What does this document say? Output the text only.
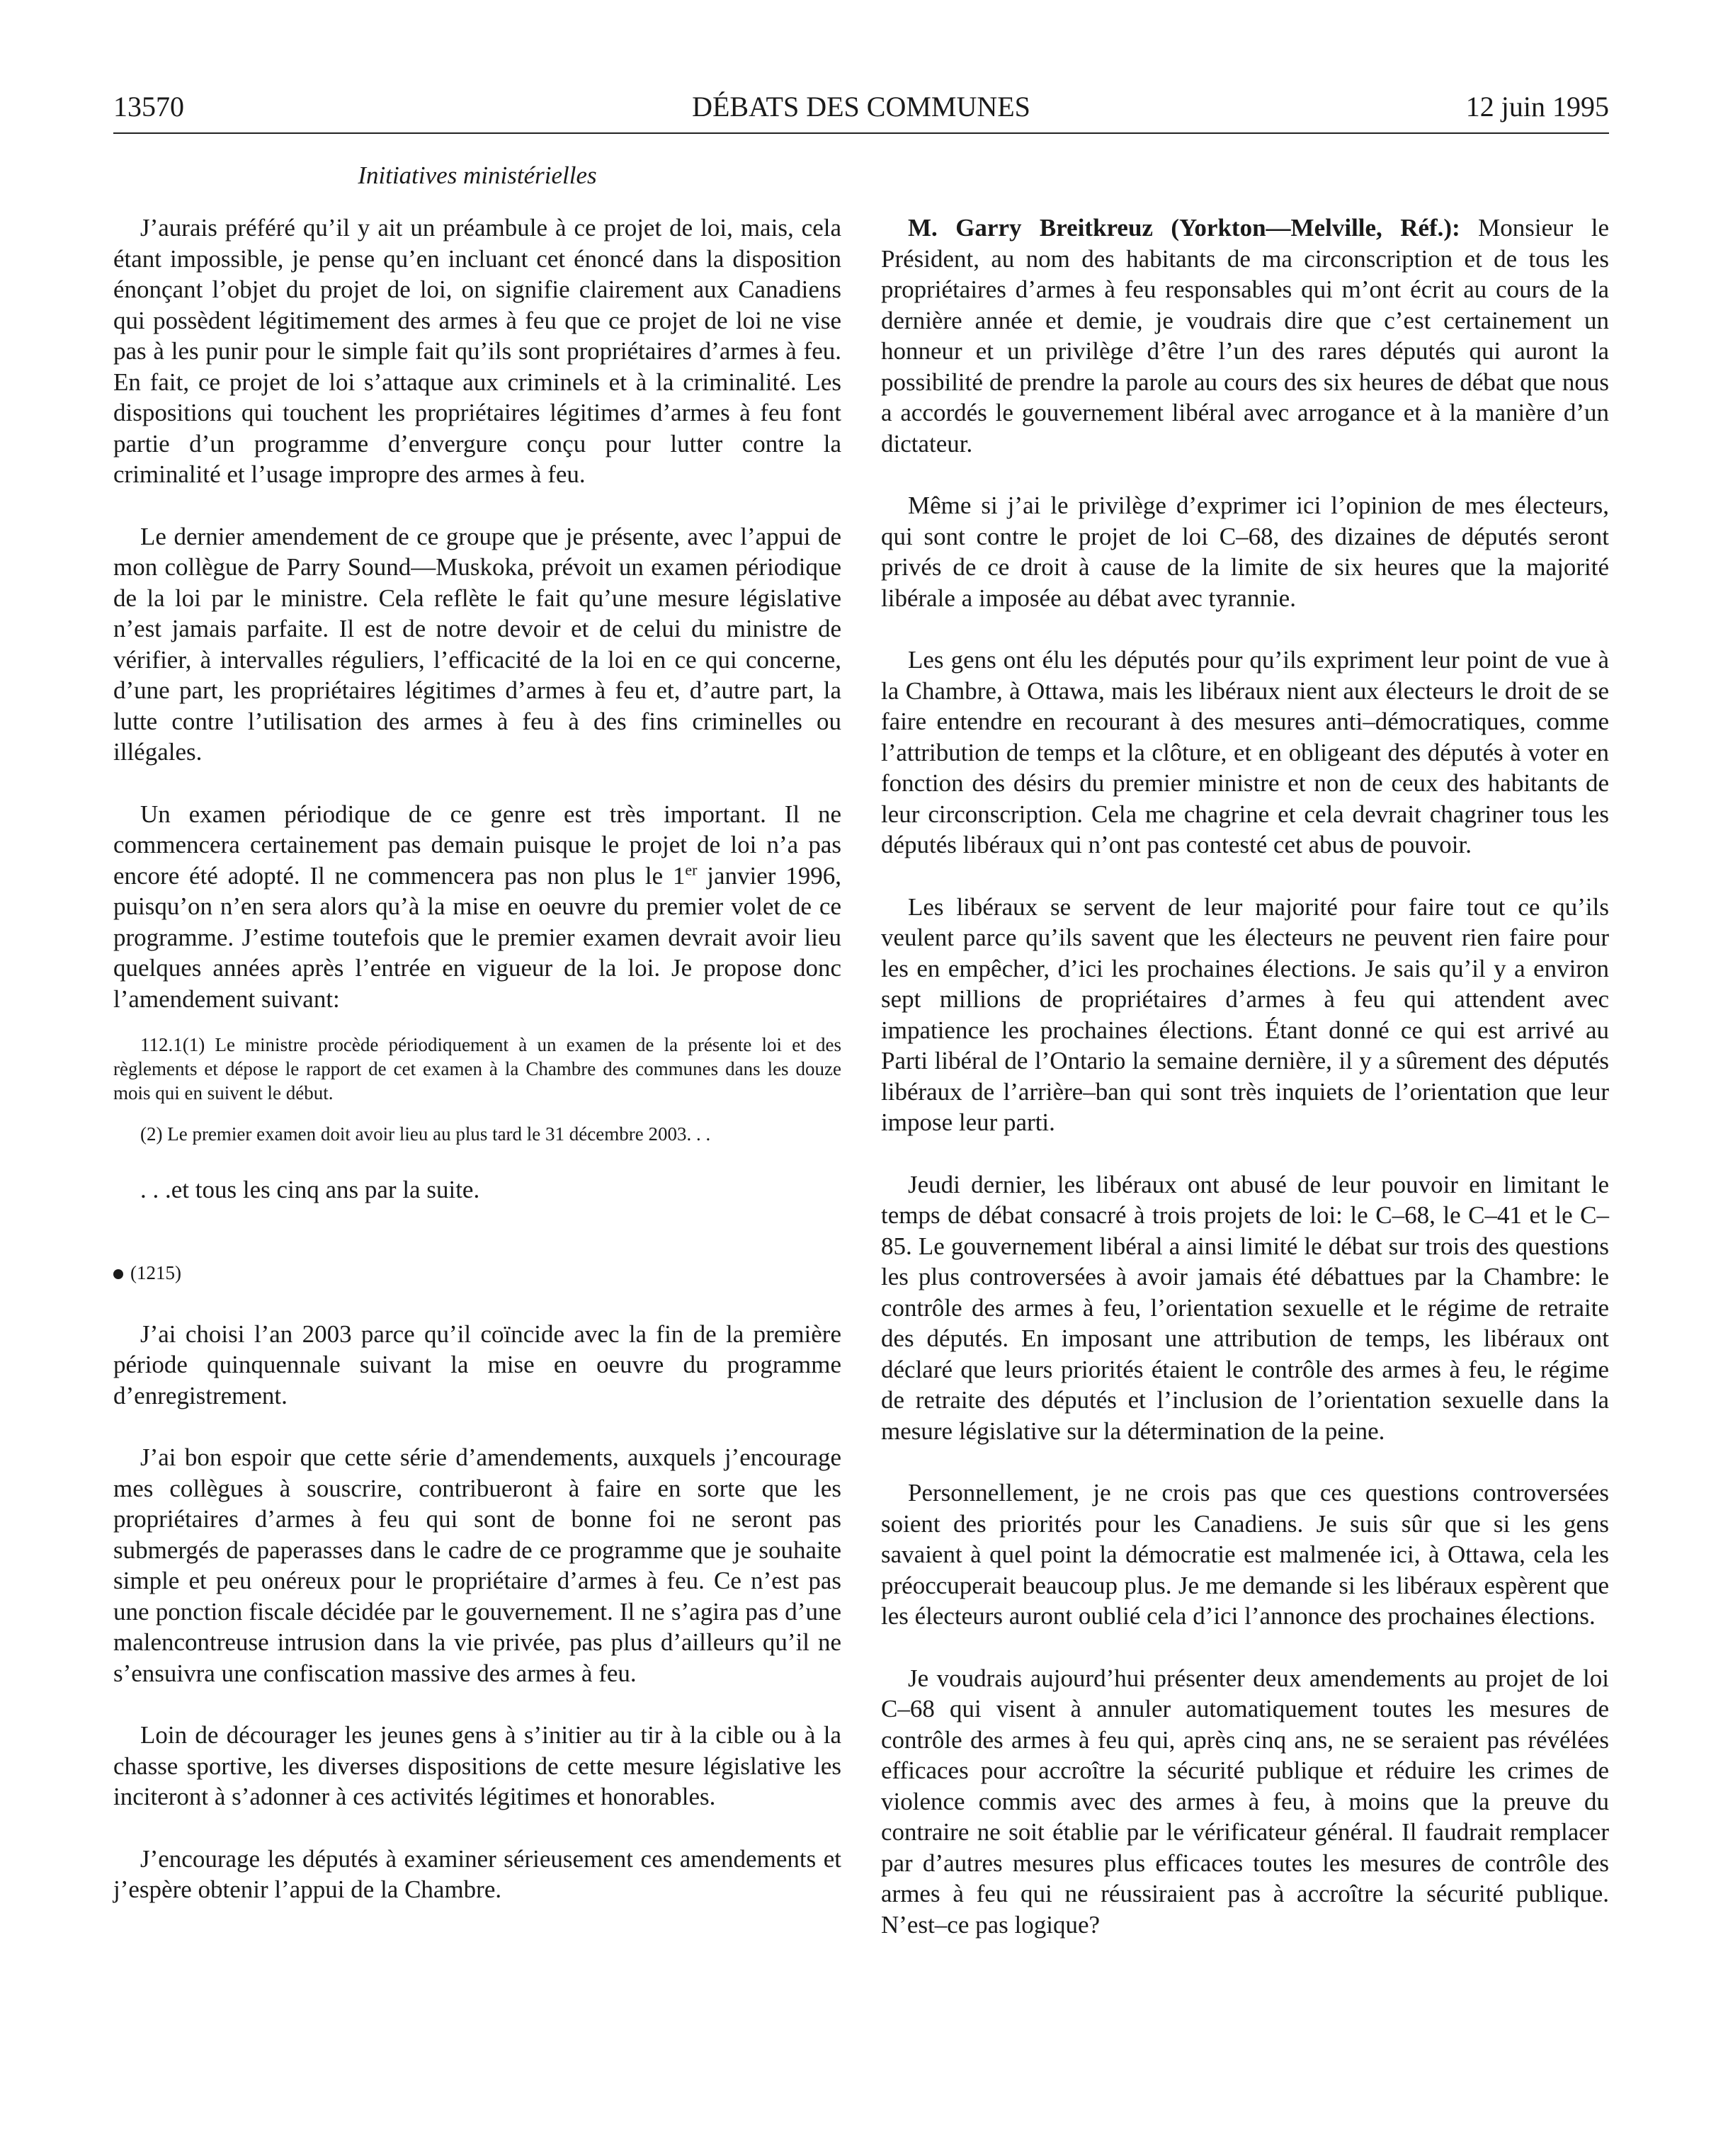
13570	DÉBATS DES COMMUNES	12 juin 1995
Initiatives ministérielles

J’aurais préféré qu’il y ait un préambule à ce projet de loi, mais, cela étant impossible, je pense qu’en incluant cet énoncé dans la disposition énonçant l’objet du projet de loi, on signifie clairement aux Canadiens qui possèdent légitimement des armes à feu que ce projet de loi ne vise pas à les punir pour le simple fait qu’ils sont propriétaires d’armes à feu. En fait, ce projet de loi s’attaque aux criminels et à la criminalité. Les dispositions qui touchent les propriétaires légitimes d’armes à feu font partie d’un programme d’envergure conçu pour lutter contre la criminalité et l’usage impropre des armes à feu.

Le dernier amendement de ce groupe que je présente, avec l’appui de mon collègue de Parry Sound—Muskoka, prévoit un examen périodique de la loi par le ministre. Cela reflète le fait qu’une mesure législative n’est jamais parfaite. Il est de notre devoir et de celui du ministre de vérifier, à intervalles réguliers, l’efficacité de la loi en ce qui concerne, d’une part, les propriétaires légitimes d’armes à feu et, d’autre part, la lutte contre l’utilisation des armes à feu à des fins criminelles ou illégales.

Un examen périodique de ce genre est très important. Il ne commencera certainement pas demain puisque le projet de loi n’a pas encore été adopté. Il ne commencera pas non plus le 1er janvier 1996, puisqu’on n’en sera alors qu’à la mise en oeuvre du premier volet de ce programme. J’estime toutefois que le premier examen devrait avoir lieu quelques années après l’entrée en vigueur de la loi. Je propose donc l’amendement suivant:

112.1(1) Le ministre procède périodiquement à un examen de la présente loi et des règlements et dépose le rapport de cet examen à la Chambre des communes dans les douze mois qui en suivent le début.

(2) Le premier examen doit avoir lieu au plus tard le 31 décembre 2003. . .

. . .et tous les cinq ans par la suite.

(1215)

J’ai choisi l’an 2003 parce qu’il coïncide avec la fin de la première période quinquennale suivant la mise en oeuvre du programme d’enregistrement.

J’ai bon espoir que cette série d’amendements, auxquels j’encourage mes collègues à souscrire, contribueront à faire en sorte que les propriétaires d’armes à feu qui sont de bonne foi ne seront pas submergés de paperasses dans le cadre de ce programme que je souhaite simple et peu onéreux pour le propriétaire d’armes à feu. Ce n’est pas une ponction fiscale décidée par le gouvernement. Il ne s’agira pas d’une malencontreuse intrusion dans la vie privée, pas plus d’ailleurs qu’il ne s’ensuivra une confiscation massive des armes à feu.

Loin de décourager les jeunes gens à s’initier au tir à la cible ou à la chasse sportive, les diverses dispositions de cette mesure législative les inciteront à s’adonner à ces activités légitimes et honorables.

J’encourage les députés à examiner sérieusement ces amendements et j’espère obtenir l’appui de la Chambre.

M. Garry Breitkreuz (Yorkton—Melville, Réf.): Monsieur le Président, au nom des habitants de ma circonscription et de tous les propriétaires d’armes à feu responsables qui m’ont écrit au cours de la dernière année et demie, je voudrais dire que c’est certainement un honneur et un privilège d’être l’un des rares députés qui auront la possibilité de prendre la parole au cours des six heures de débat que nous a accordés le gouvernement libéral avec arrogance et à la manière d’un dictateur.

Même si j’ai le privilège d’exprimer ici l’opinion de mes électeurs, qui sont contre le projet de loi C–68, des dizaines de députés seront privés de ce droit à cause de la limite de six heures que la majorité libérale a imposée au débat avec tyrannie.

Les gens ont élu les députés pour qu’ils expriment leur point de vue à la Chambre, à Ottawa, mais les libéraux nient aux électeurs le droit de se faire entendre en recourant à des mesures anti–démocratiques, comme l’attribution de temps et la clôture, et en obligeant des députés à voter en fonction des désirs du premier ministre et non de ceux des habitants de leur circonscription. Cela me chagrine et cela devrait chagriner tous les députés libéraux qui n’ont pas contesté cet abus de pouvoir.

Les libéraux se servent de leur majorité pour faire tout ce qu’ils veulent parce qu’ils savent que les électeurs ne peuvent rien faire pour les en empêcher, d’ici les prochaines élections. Je sais qu’il y a environ sept millions de propriétaires d’armes à feu qui attendent avec impatience les prochaines élections. Étant donné ce qui est arrivé au Parti libéral de l’Ontario la semaine dernière, il y a sûrement des députés libéraux de l’arrière–ban qui sont très inquiets de l’orientation que leur impose leur parti.

Jeudi dernier, les libéraux ont abusé de leur pouvoir en limitant le temps de débat consacré à trois projets de loi: le C–68, le C–41 et le C–85. Le gouvernement libéral a ainsi limité le débat sur trois des questions les plus controversées à avoir jamais été débattues par la Chambre: le contrôle des armes à feu, l’orientation sexuelle et le régime de retraite des députés. En imposant une attribution de temps, les libéraux ont déclaré que leurs priorités étaient le contrôle des armes à feu, le régime de retraite des députés et l’inclusion de l’orientation sexuelle dans la mesure législative sur la détermination de la peine.

Personnellement, je ne crois pas que ces questions controversées soient des priorités pour les Canadiens. Je suis sûr que si les gens savaient à quel point la démocratie est malmenée ici, à Ottawa, cela les préoccuperait beaucoup plus. Je me demande si les libéraux espèrent que les électeurs auront oublié cela d’ici l’annonce des prochaines élections.

Je voudrais aujourd’hui présenter deux amendements au projet de loi C–68 qui visent à annuler automatiquement toutes les mesures de contrôle des armes à feu qui, après cinq ans, ne se seraient pas révélées efficaces pour accroître la sécurité publique et réduire les crimes de violence commis avec des armes à feu, à moins que la preuve du contraire ne soit établie par le vérificateur général. Il faudrait remplacer par d’autres mesures plus efficaces toutes les mesures de contrôle des armes à feu qui ne réussiraient pas à accroître la sécurité publique. N’est–ce pas logique?
